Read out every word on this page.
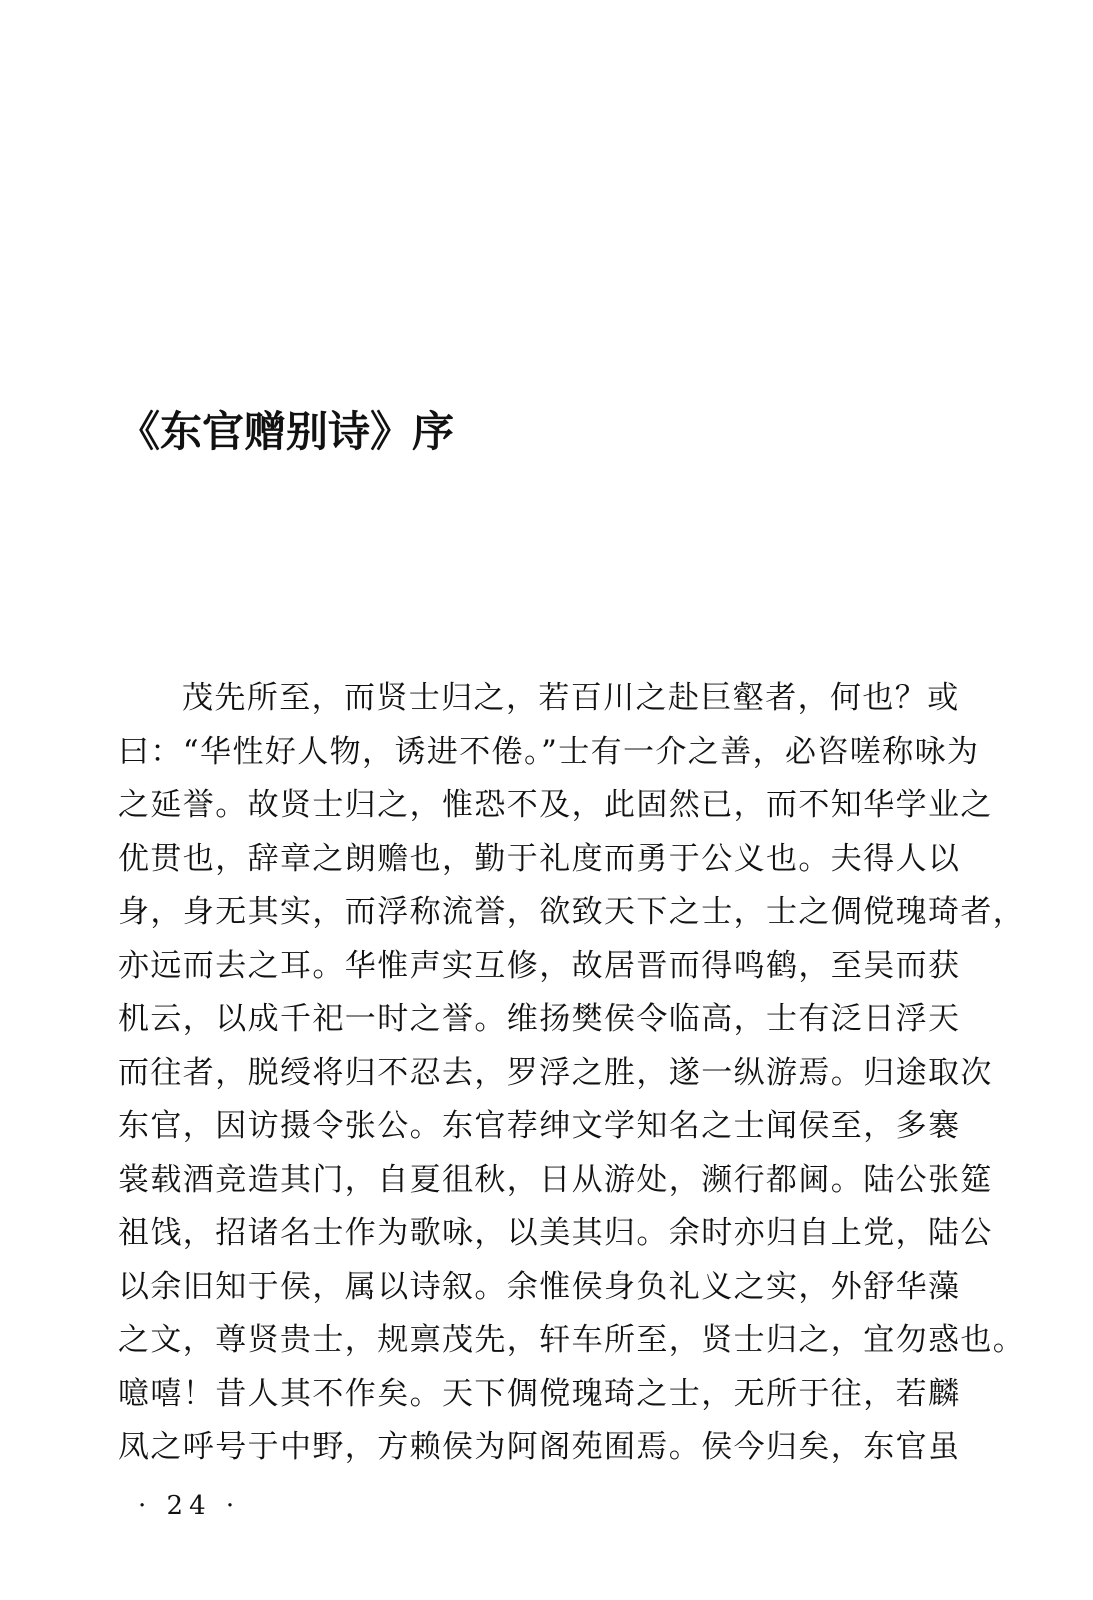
《东官赠别诗》序
茂先所至，而贤士归之，若百川之赴巨壑者，何也？或
曰：“华性好人物，诱进不倦。”士有一介之善，必咨嗟称咏为
之延誉。故贤士归之，惟恐不及，此固然已，而不知华学业之
优贯也，辞章之朗赡也，勤于礼度而勇于公义也。夫得人以
身，身无其实，而浮称流誉，欲致天下之士，士之倜傥瑰琦者，
亦远而去之耳。华惟声实互修，故居晋而得鸣鹤，至吴而获
机云，以成千祀一时之誉。维扬樊侯令临高，士有泛日浮天
而往者，脱绶将归不忍去，罗浮之胜，遂一纵游焉。归途取次
东官，因访摄令张公。东官荐绅文学知名之士闻侯至，多褰
裳载酒竞造其门，自夏徂秋，日从游处，濒行都阃。陆公张筵
祖饯，招诸名士作为歌咏，以美其归。余时亦归自上党，陆公
以余旧知于侯，属以诗叙。余惟侯身负礼义之实，外舒华藻
之文，尊贤贵士，规禀茂先，轩车所至，贤士归之，宜勿惑也。
噫嘻！昔人其不作矣。天下倜傥瑰琦之士，无所于往，若麟
凤之呼号于中野，方赖侯为阿阁苑囿焉。侯今归矣，东官虽
· 24 ·
